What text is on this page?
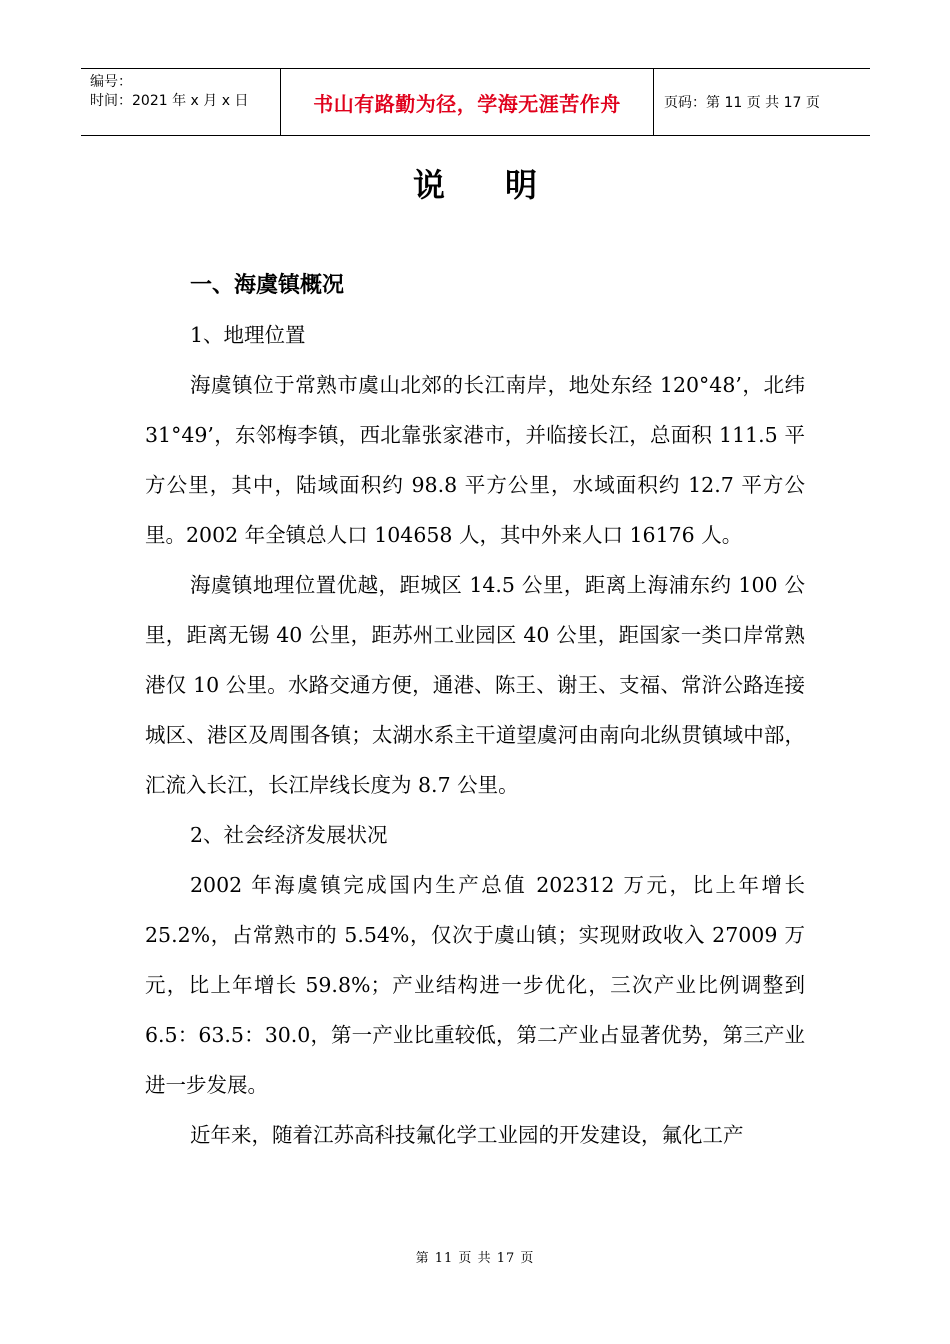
编号：
时间：2021 年 x 月 x 日	书山有路勤为径，学海无涯苦作舟	页码：第 11 页 共 17 页
说明
一、海虞镇概况

1、地理位置

海虞镇位于常熟市虞山北郊的长江南岸，地处东经 120°48’，北纬 31°49’，东邻梅李镇，西北靠张家港市，并临接长江，总面积 111.5 平方公里，其中，陆域面积约 98.8 平方公里，水域面积约 12.7 平方公里。2002 年全镇总人口 104658 人，其中外来人口 16176 人。

海虞镇地理位置优越，距城区 14.5 公里，距离上海浦东约 100 公里，距离无锡 40 公里，距苏州工业园区 40 公里，距国家一类口岸常熟港仅 10 公里。水路交通方便，通港、陈王、谢王、支福、常浒公路连接城区、港区及周围各镇；太湖水系主干道望虞河由南向北纵贯镇域中部，汇流入长江，长江岸线长度为 8.7 公里。

2、社会经济发展状况

2002 年海虞镇完成国内生产总值 202312 万元，比上年增长 25.2%，占常熟市的 5.54%，仅次于虞山镇；实现财政收入 27009 万元，比上年增长 59.8%；产业结构进一步优化，三次产业比例调整到 6.5：63.5：30.0，第一产业比重较低，第二产业占显著优势，第三产业进一步发展。

近年来，随着江苏高科技氟化学工业园的开发建设，氟化工产

第 11 页 共 17 页
